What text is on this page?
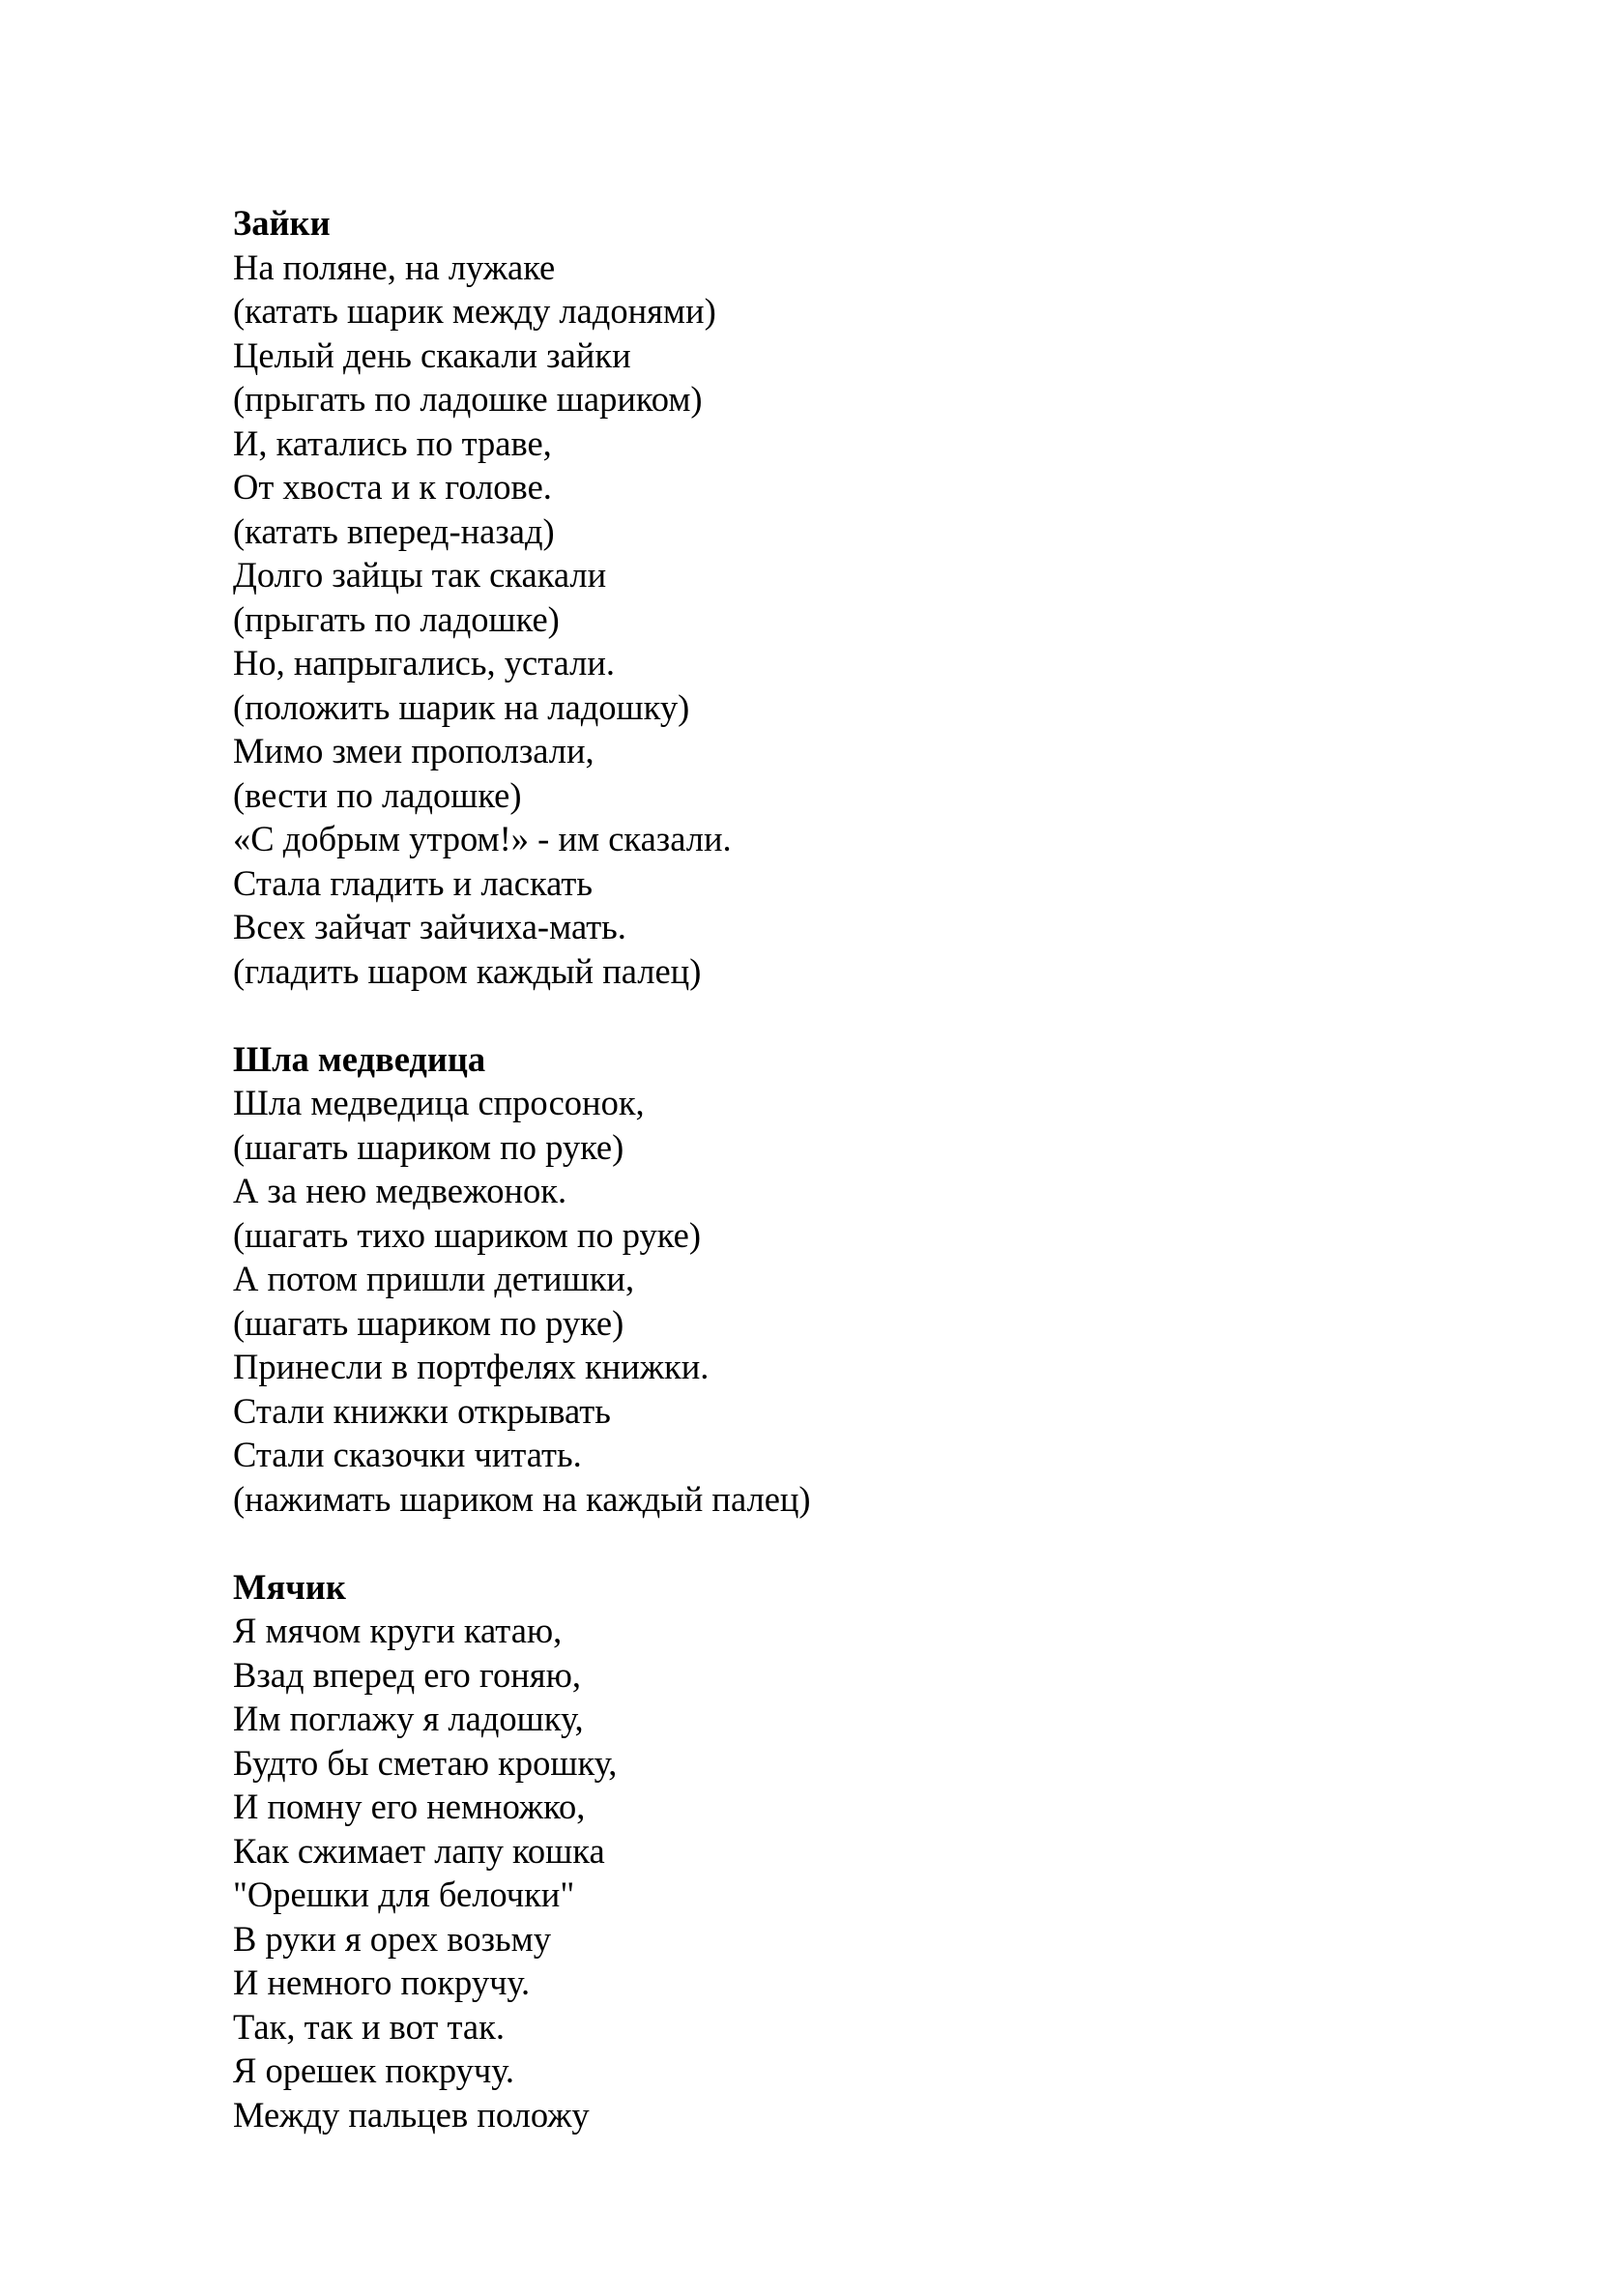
Зайки
На поляне, на лужаке
(катать шарик между ладонями)
Целый день скакали зайки
(прыгать по ладошке шариком)
И, катались по траве,
От хвоста и к голове.
(катать вперед-назад)
Долго зайцы так скакали
(прыгать по ладошке)
Но, напрыгались, устали.
(положить шарик на ладошку)
Мимо змеи проползали,
(вести по ладошке)
«С добрым утром!» - им сказали.
Стала гладить и ласкать
Всех зайчат зайчиха-мать.
(гладить шаром каждый палец)
Шла медведица
Шла медведица спросонок,
(шагать шариком по руке)
А за нею медвежонок.
(шагать тихо шариком по руке)
А потом пришли детишки,
(шагать шариком по руке)
Принесли в портфелях книжки.
Стали книжки открывать
Стали сказочки читать.
(нажимать шариком на каждый палец)
Мячик
Я мячом круги катаю,
Взад вперед его гоняю,
Им поглажу я ладошку,
Будто бы сметаю крошку,
И помну его немножко,
Как сжимает лапу кошка
"Орешки для белочки"
В руки я орех возьму
И немного покручу.
Так, так и вот так.
Я орешек покручу.
Между пальцев положу
